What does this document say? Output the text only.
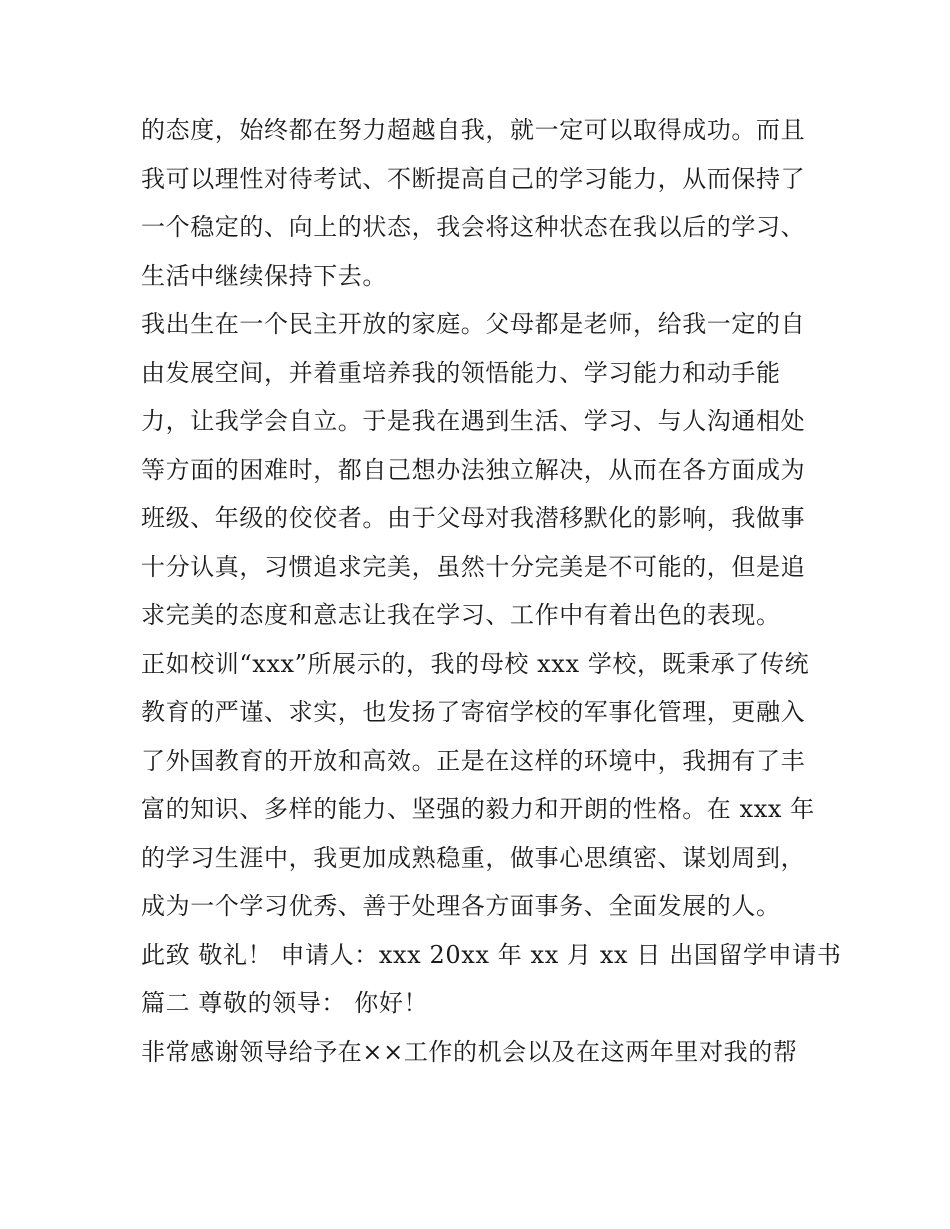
的态度，始终都在努力超越自我，就一定可以取得成功。而且
我可以理性对待考试、不断提高自己的学习能力，从而保持了
一个稳定的、向上的状态，我会将这种状态在我以后的学习、
生活中继续保持下去。
我出生在一个民主开放的家庭。父母都是老师，给我一定的自
由发展空间，并着重培养我的领悟能力、学习能力和动手能
力，让我学会自立。于是我在遇到生活、学习、与人沟通相处
等方面的困难时，都自己想办法独立解决，从而在各方面成为
班级、年级的佼佼者。由于父母对我潜移默化的影响，我做事
十分认真，习惯追求完美，虽然十分完美是不可能的，但是追
求完美的态度和意志让我在学习、工作中有着出色的表现。
正如校训“xxx”所展示的，我的母校 xxx 学校，既秉承了传统
教育的严谨、求实，也发扬了寄宿学校的军事化管理，更融入
了外国教育的开放和高效。正是在这样的环境中，我拥有了丰
富的知识、多样的能力、坚强的毅力和开朗的性格。在 xxx 年
的学习生涯中，我更加成熟稳重，做事心思缜密、谋划周到，
成为一个学习优秀、善于处理各方面事务、全面发展的人。
此致 敬礼！ 申请人：xxx 20xx 年 xx 月 xx 日 出国留学申请书
篇二 尊敬的领导： 你好！
非常感谢领导给予在××工作的机会以及在这两年里对我的帮
